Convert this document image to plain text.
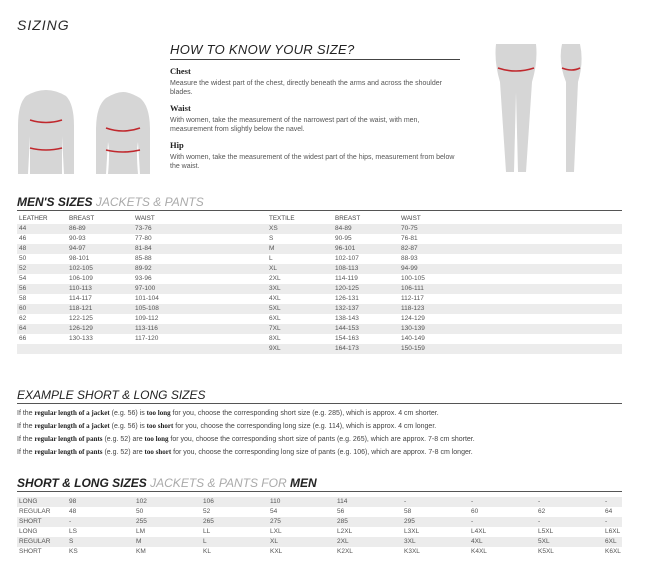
SIZING
HOW TO KNOW YOUR SIZE?
Chest
Measure the widest part of the chest, directly beneath the arms and across the shoulder blades.
Waist
With women, take the measurement of the narrowest part of the waist, with men, measurement from slightly below the navel.
Hip
With women, take the measurement of the widest part of the hips, measurement from below the waist.
MEN'S SIZES JACKETS & PANTS
LEATHER	BREAST	WAIST	TEXTILE	BREAST	WAIST
44	86-89	73-76	XS	84-89	70-75
46	90-93	77-80	S	90-95	76-81
48	94-97	81-84	M	96-101	82-87
50	98-101	85-88	L	102-107	88-93
52	102-105	89-92	XL	108-113	94-99
54	106-109	93-96	2XL	114-119	100-105
56	110-113	97-100	3XL	120-125	106-111
58	114-117	101-104	4XL	126-131	112-117
60	118-121	105-108	5XL	132-137	118-123
62	122-125	109-112	6XL	138-143	124-129
64	126-129	113-116	7XL	144-153	130-139
66	130-133	117-120	8XL	154-163	140-149
			9XL	164-173	150-159
EXAMPLE SHORT & LONG SIZES

If the regular length of a jacket (e.g. 56) is too long for you, choose the corresponding short size (e.g. 285), which is approx. 4 cm shorter.

If the regular length of a jacket (e.g. 56) is too short for you, choose the corresponding long size (e.g. 114), which is approx. 4 cm longer.

If the regular length of pants (e.g. 52) are too long for you, choose the corresponding short size of pants (e.g. 265), which are approx. 7-8 cm shorter.

If the regular length of pants (e.g. 52) are too short for you, choose the corresponding long size of pants (e.g. 106), which are approx. 7-8 cm longer.

SHORT & LONG SIZES JACKETS & PANTS FOR MEN
LONG	98	102	106	110	114	-	-	-	-
REGULAR	48	50	52	54	56	58	60	62	64
SHORT	-	255	265	275	285	295	-	-	-
LONG	LS	LM	LL	LXL	L2XL	L3XL	L4XL	L5XL	L6XL
REGULAR	S	M	L	XL	2XL	3XL	4XL	5XL	6XL
SHORT	KS	KM	KL	KXL	K2XL	K3XL	K4XL	K5XL	K6XL
